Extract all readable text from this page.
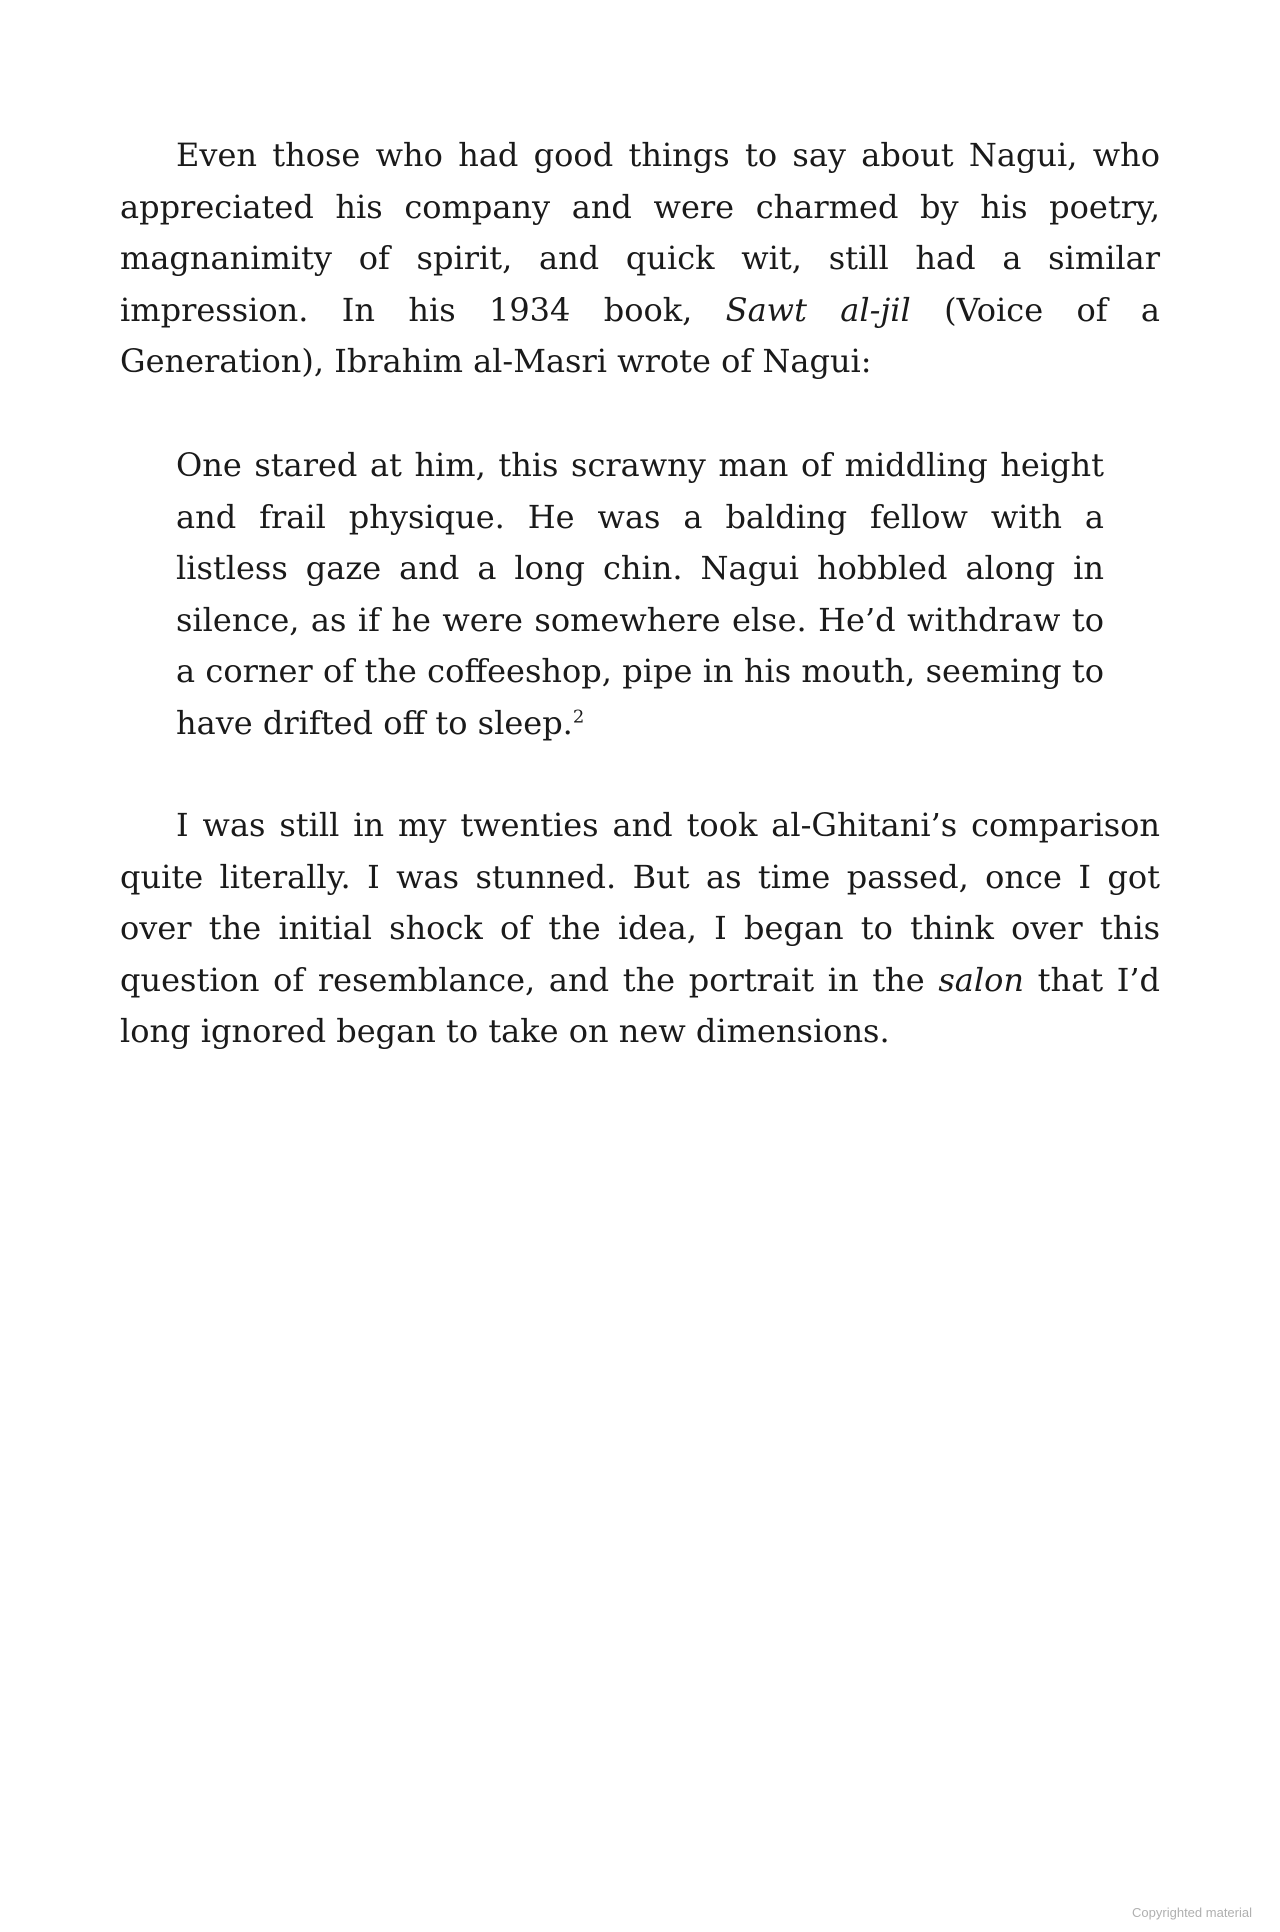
Even those who had good things to say about Nagui, who appreciated his company and were charmed by his poetry, magnanimity of spirit, and quick wit, still had a similar impression. In his 1934 book, Sawt al-jil (Voice of a Generation), Ibrahim al-Masri wrote of Nagui:

One stared at him, this scrawny man of middling height and frail physique. He was a balding fellow with a listless gaze and a long chin. Nagui hobbled along in silence, as if he were somewhere else. He’d withdraw to a corner of the coffeeshop, pipe in his mouth, seeming to have drifted off to sleep.$^2$

I was still in my twenties and took al-Ghitani’s comparison quite literally. I was stunned. But as time passed, once I got over the initial shock of the idea, I began to think over this question of resemblance, and the portrait in the salon that I’d long ignored began to take on new dimensions.

Copyrighted material
